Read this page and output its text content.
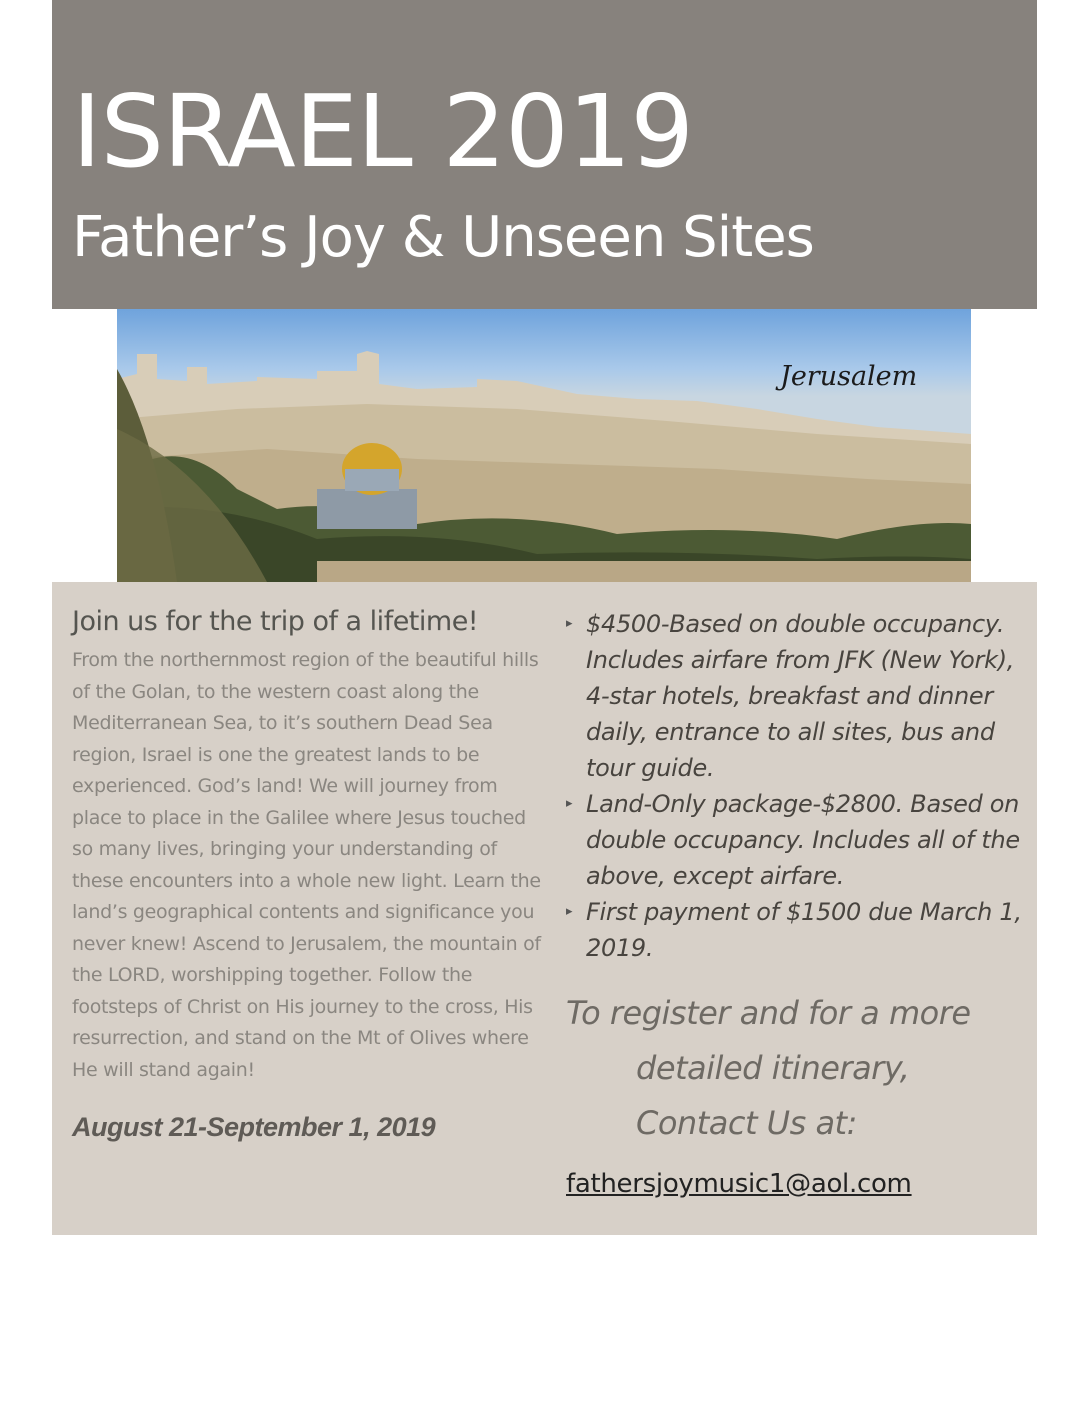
ISRAEL 2019
Father’s Joy & Unseen Sites
Jerusalem
Join us for the trip of a lifetime!

From the northernmost region of the beautiful hills of the Golan, to the western coast along the Mediterranean Sea, to it’s southern Dead Sea region, Israel is one the greatest lands to be experienced. God’s land! We will journey from place to place in the Galilee where Jesus touched so many lives, bringing your understanding of these encounters into a whole new light. Learn the land’s geographical contents and significance you never knew! Ascend to Jerusalem, the mountain of the LORD, worshipping together. Follow the footsteps of Christ on His journey to the cross, His resurrection, and stand on the Mt of Olives where He will stand again!

August 21-September 1, 2019
▸ $4500-Based on double occupancy. Includes airfare from JFK (New York), 4-star hotels, breakfast and dinner daily, entrance to all sites, bus and tour guide.
▸ Land-Only package-$2800. Based on double occupancy. Includes all of the above, except airfare.
▸ First payment of $1500 due March 1, 2019.
To register and for a more
detailed itinerary,
Contact Us at:
fathersjoymusic1@aol.com
